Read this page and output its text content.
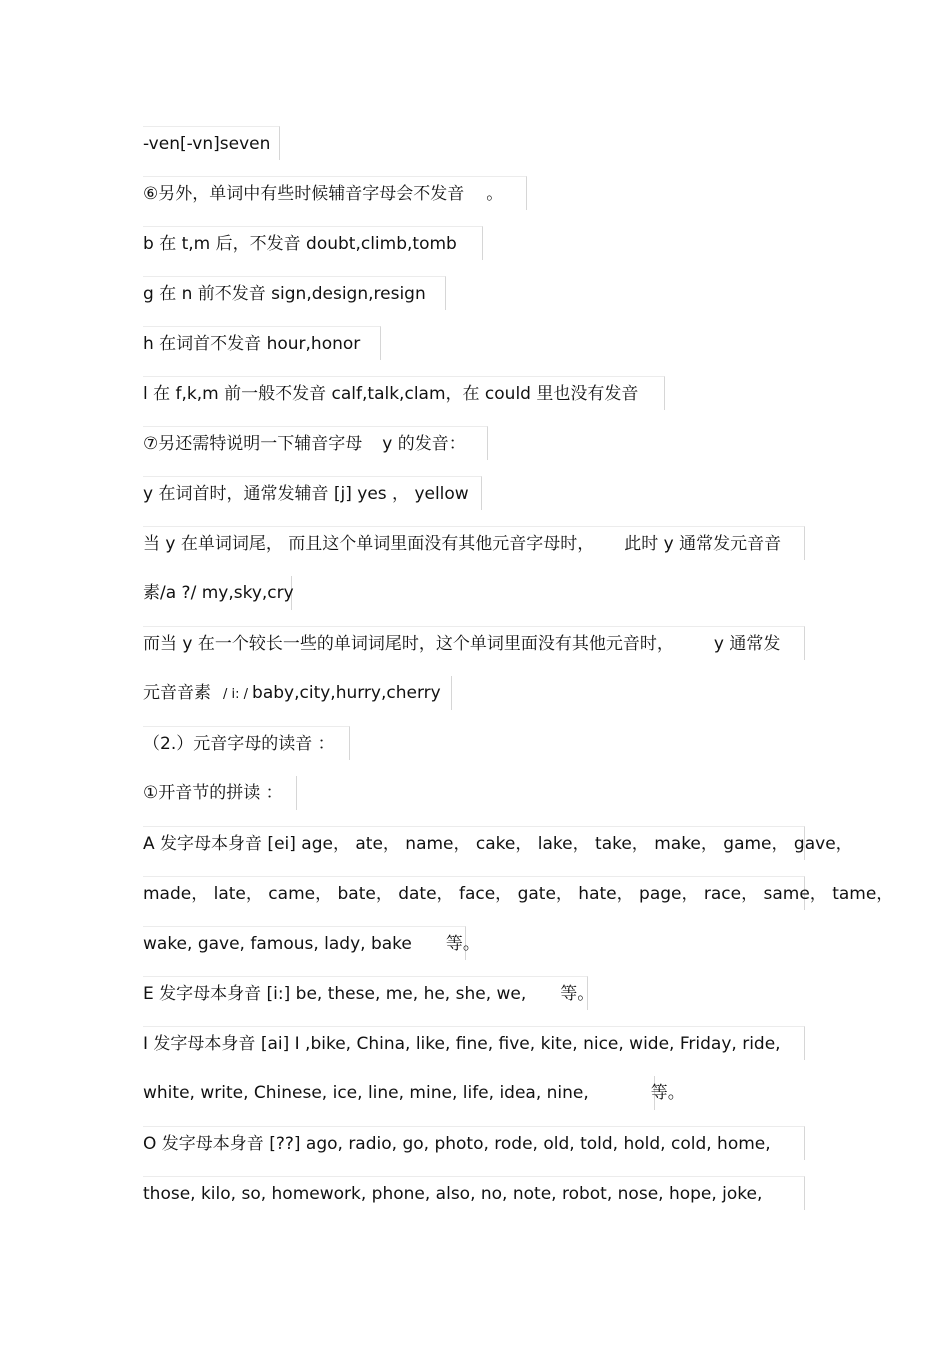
-ven[-vn]seven
⑥另外，单词中有些时候辅音字母会不发音 。
b 在 t,m 后，不发音 doubt,climb,tomb
g 在 n 前不发音 sign,design,resign
h 在词首不发音 hour,honor
l 在 f,k,m 前一般不发音 calf,talk,clam，在 could 里也没有发音
⑦另还需特说明一下辅音字母 y 的发音：
y 在词首时，通常发辅音 [j] yes ， yellow
当 y 在单词词尾， 而且这个单词里面没有其他元音字母时， 此时 y 通常发元音音
素/a ?/ my,sky,cry
而当 y 在一个较长一些的单词词尾时，这个单词里面没有其他元音时， y 通常发
元音音素 / i: / baby,city,hurry,cherry
（2.）元音字母的读音 ：
①开音节的拼读 ：
A 发字母本身音 [ei] age， ate， name， cake， lake， take， make， game， gave，
made， late， came， bate， date， face， gate， hate， page， race， same， tame，
wake, gave, famous, lady, bake 等。
E 发字母本身音 [i:] be, these, me, he, she, we, 等。
I 发字母本身音 [ai] I ,bike, China, like, fine, five, kite, nice, wide, Friday, ride,
white, write, Chinese, ice, line, mine, life, idea, nine,	等。
O 发字母本身音 [??] ago, radio, go, photo, rode, old, told, hold, cold, home,
those, kilo, so, homework, phone, also, no, note, robot, nose, hope, joke,
